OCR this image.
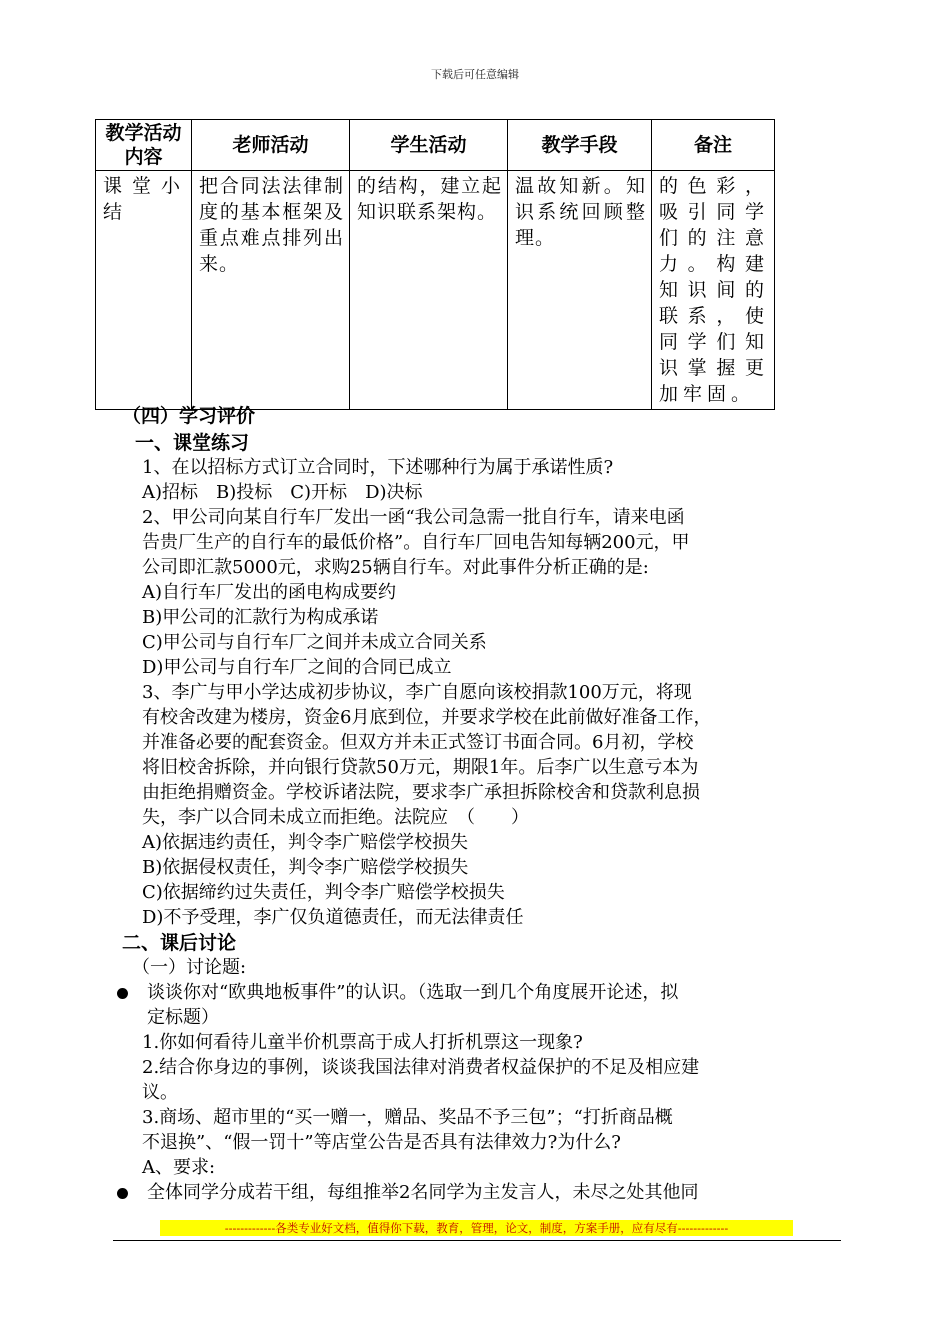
下载后可任意编辑
教学活动内容	老师活动	学生活动	教学手段	备注
课堂小结	把合同法法律制度的基本框架及重点难点排列出来。	的结构，建立起知识联系架构。	温故知新。知识系统回顾整理。	的色彩，吸引同学们的注意力。构建知识间的联系，使同学们知识掌握更加牢固。
（四）学习评价
一、课堂练习
1、在以招标方式订立合同时，下述哪种行为属于承诺性质?
A)招标　B)投标　C)开标　D)决标
2、甲公司向某自行车厂发出一函“我公司急需一批自行车，请来电函
告贵厂生产的自行车的最低价格”。自行车厂回电告知每辆200元，甲
公司即汇款5000元，求购25辆自行车。对此事件分析正确的是:
A)自行车厂发出的函电构成要约
B)甲公司的汇款行为构成承诺
C)甲公司与自行车厂之间并未成立合同关系
D)甲公司与自行车厂之间的合同已成立
3、李广与甲小学达成初步协议，李广自愿向该校捐款100万元，将现
有校舍改建为楼房，资金6月底到位，并要求学校在此前做好准备工作，
并准备必要的配套资金。但双方并未正式签订书面合同。6月初，学校
将旧校舍拆除，并向银行贷款50万元，期限1年。后李广以生意亏本为
由拒绝捐赠资金。学校诉诸法院，要求李广承担拆除校舍和贷款利息损
失，李广以合同未成立而拒绝。法院应　（　　）
A)依据违约责任，判令李广赔偿学校损失
B)依据侵权责任，判令李广赔偿学校损失
C)依据缔约过失责任，判令李广赔偿学校损失
D)不予受理，李广仅负道德责任，而无法律责任
二、课后讨论
（一）讨论题:
谈谈你对“欧典地板事件”的认识。（选取一到几个角度展开论述，拟
定标题）
1.你如何看待儿童半价机票高于成人打折机票这一现象?
2.结合你身边的事例，谈谈我国法律对消费者权益保护的不足及相应建
议。
3.商场、超市里的“买一赠一，赠品、奖品不予三包”；“打折商品概
不退换”、“假一罚十”等店堂公告是否具有法律效力?为什么?
A、要求:
全体同学分成若干组，每组推举2名同学为主发言人，未尽之处其他同
-------------各类专业好文档，值得你下载，教育，管理，论文，制度，方案手册，应有尽有-------------
